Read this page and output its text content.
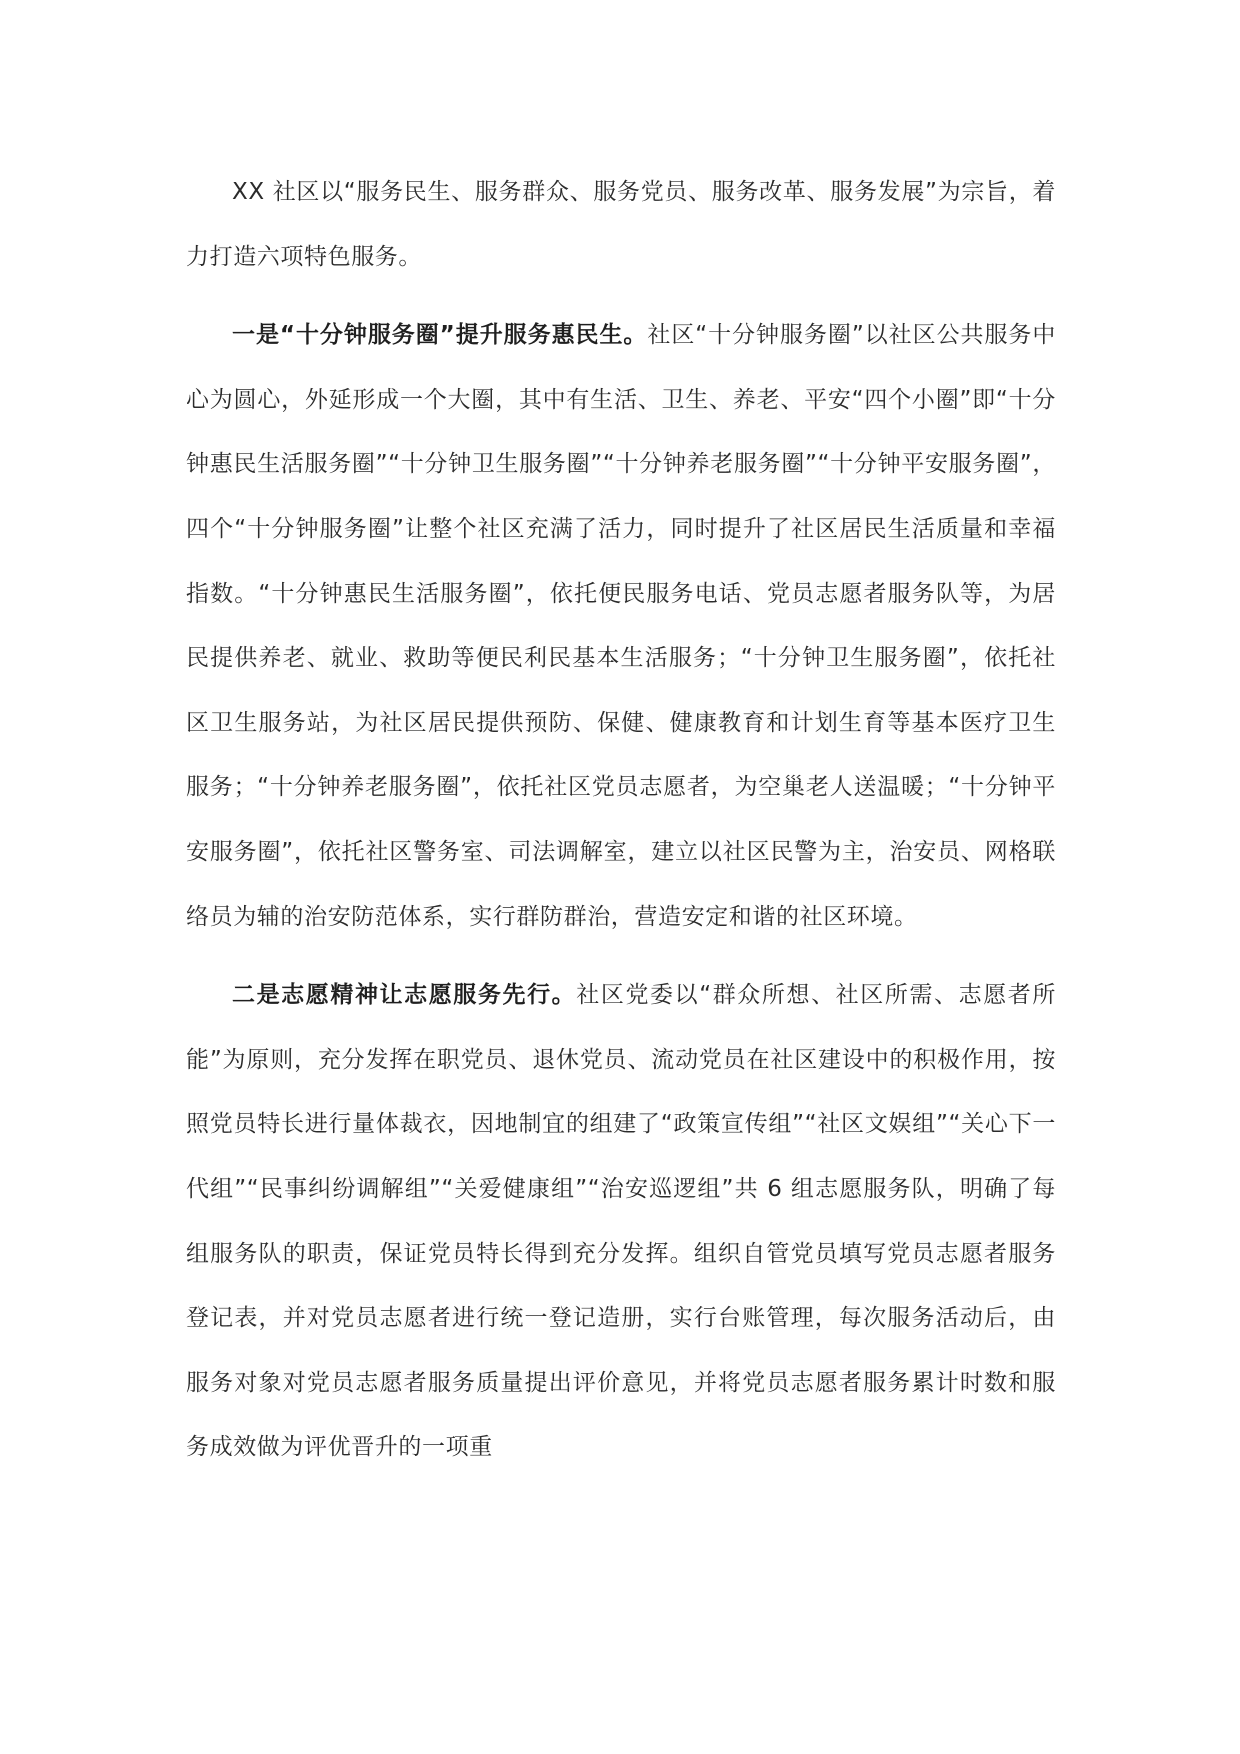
XX 社区以“服务民生、服务群众、服务党员、服务改革、服务发展”为宗旨，着力打造六项特色服务。

一是“十分钟服务圈”提升服务惠民生。社区“十分钟服务圈”以社区公共服务中心为圆心，外延形成一个大圈，其中有生活、卫生、养老、平安“四个小圈”即“十分钟惠民生活服务圈”“十分钟卫生服务圈”“十分钟养老服务圈”“十分钟平安服务圈”，四个“十分钟服务圈”让整个社区充满了活力，同时提升了社区居民生活质量和幸福指数。“十分钟惠民生活服务圈”，依托便民服务电话、党员志愿者服务队等，为居民提供养老、就业、救助等便民利民基本生活服务；“十分钟卫生服务圈”，依托社区卫生服务站，为社区居民提供预防、保健、健康教育和计划生育等基本医疗卫生服务；“十分钟养老服务圈”，依托社区党员志愿者，为空巢老人送温暖；“十分钟平安服务圈”，依托社区警务室、司法调解室，建立以社区民警为主，治安员、网格联络员为辅的治安防范体系，实行群防群治，营造安定和谐的社区环境。

二是志愿精神让志愿服务先行。社区党委以“群众所想、社区所需、志愿者所能”为原则，充分发挥在职党员、退休党员、流动党员在社区建设中的积极作用，按照党员特长进行量体裁衣，因地制宜的组建了“政策宣传组”“社区文娱组”“关心下一代组”“民事纠纷调解组”“关爱健康组”“治安巡逻组”共 6 组志愿服务队，明确了每组服务队的职责，保证党员特长得到充分发挥。组织自管党员填写党员志愿者服务登记表，并对党员志愿者进行统一登记造册，实行台账管理，每次服务活动后，由服务对象对党员志愿者服务质量提出评价意见，并将党员志愿者服务累计时数和服务成效做为评优晋升的一项重
